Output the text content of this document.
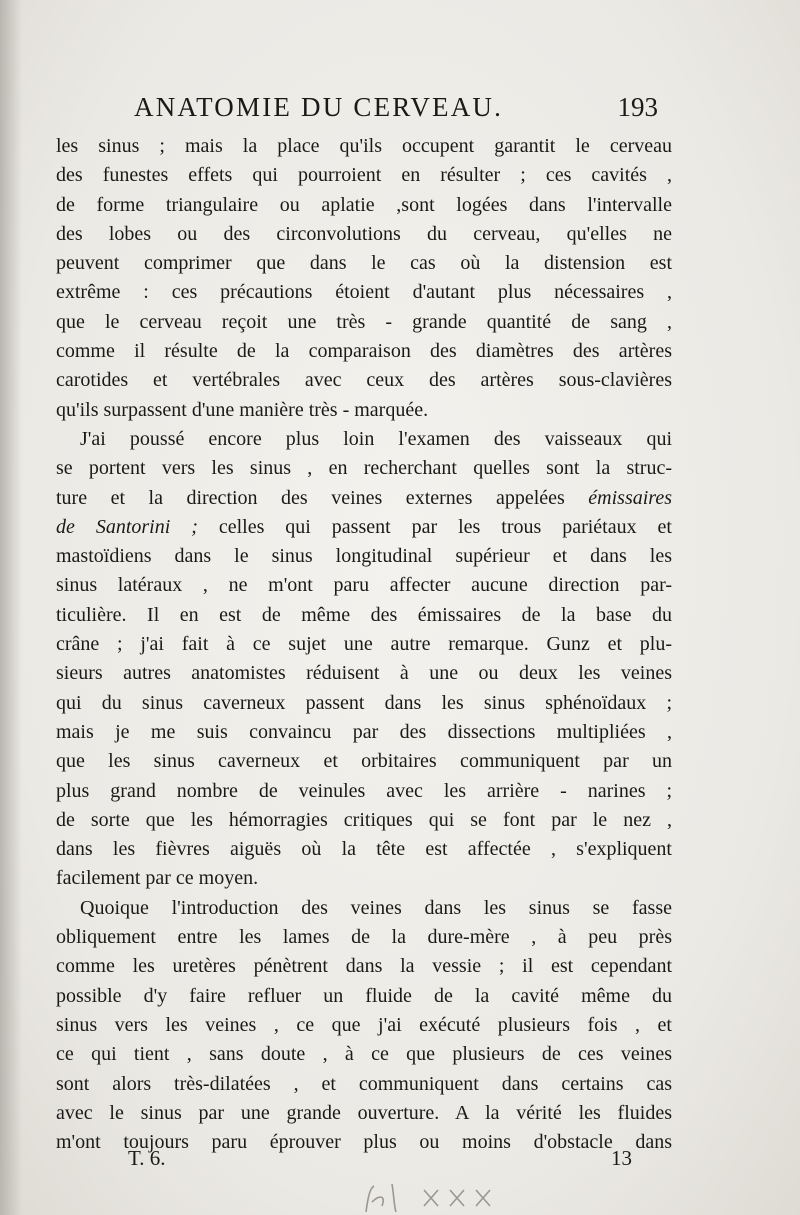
ANATOMIE DU CERVEAU.	193
les sinus ; mais la place qu'ils occupent garantit le cerveau
des funestes effets qui pourroient en résulter ; ces cavités ,
de forme triangulaire ou aplatie ,sont logées dans l'intervalle
des lobes ou des circonvolutions du cerveau, qu'elles ne
peuvent comprimer que dans le cas où la distension est
extrême : ces précautions étoient d'autant plus nécessaires ,
que le cerveau reçoit une très - grande quantité de sang ,
comme il résulte de la comparaison des diamètres des artères
carotides et vertébrales avec ceux des artères sous-clavières
qu'ils surpassent d'une manière très - marquée.
J'ai poussé encore plus loin l'examen des vaisseaux qui
se portent vers les sinus , en recherchant quelles sont la struc-
ture et la direction des veines externes appelées émissaires
de Santorini ; celles qui passent par les trous pariétaux et
mastoïdiens dans le sinus longitudinal supérieur et dans les
sinus latéraux , ne m'ont paru affecter aucune direction par-
ticulière. Il en est de même des émissaires de la base du
crâne ; j'ai fait à ce sujet une autre remarque. Gunz et plu-
sieurs autres anatomistes réduisent à une ou deux les veines
qui du sinus caverneux passent dans les sinus sphénoïdaux ;
mais je me suis convaincu par des dissections multipliées ,
que les sinus caverneux et orbitaires communiquent par un
plus grand nombre de veinules avec les arrière - narines ;
de sorte que les hémorragies critiques qui se font par le nez ,
dans les fièvres aiguës où la tête est affectée , s'expliquent
facilement par ce moyen.
Quoique l'introduction des veines dans les sinus se fasse
obliquement entre les lames de la dure-mère , à peu près
comme les uretères pénètrent dans la vessie ; il est cependant
possible d'y faire refluer un fluide de la cavité même du
sinus vers les veines , ce que j'ai exécuté plusieurs fois , et
ce qui tient , sans doute , à ce que plusieurs de ces veines
sont alors très-dilatées , et communiquent dans certains cas
avec le sinus par une grande ouverture. A la vérité les fluides
m'ont toujours paru éprouver plus ou moins d'obstacle dans
T. 6.	13
